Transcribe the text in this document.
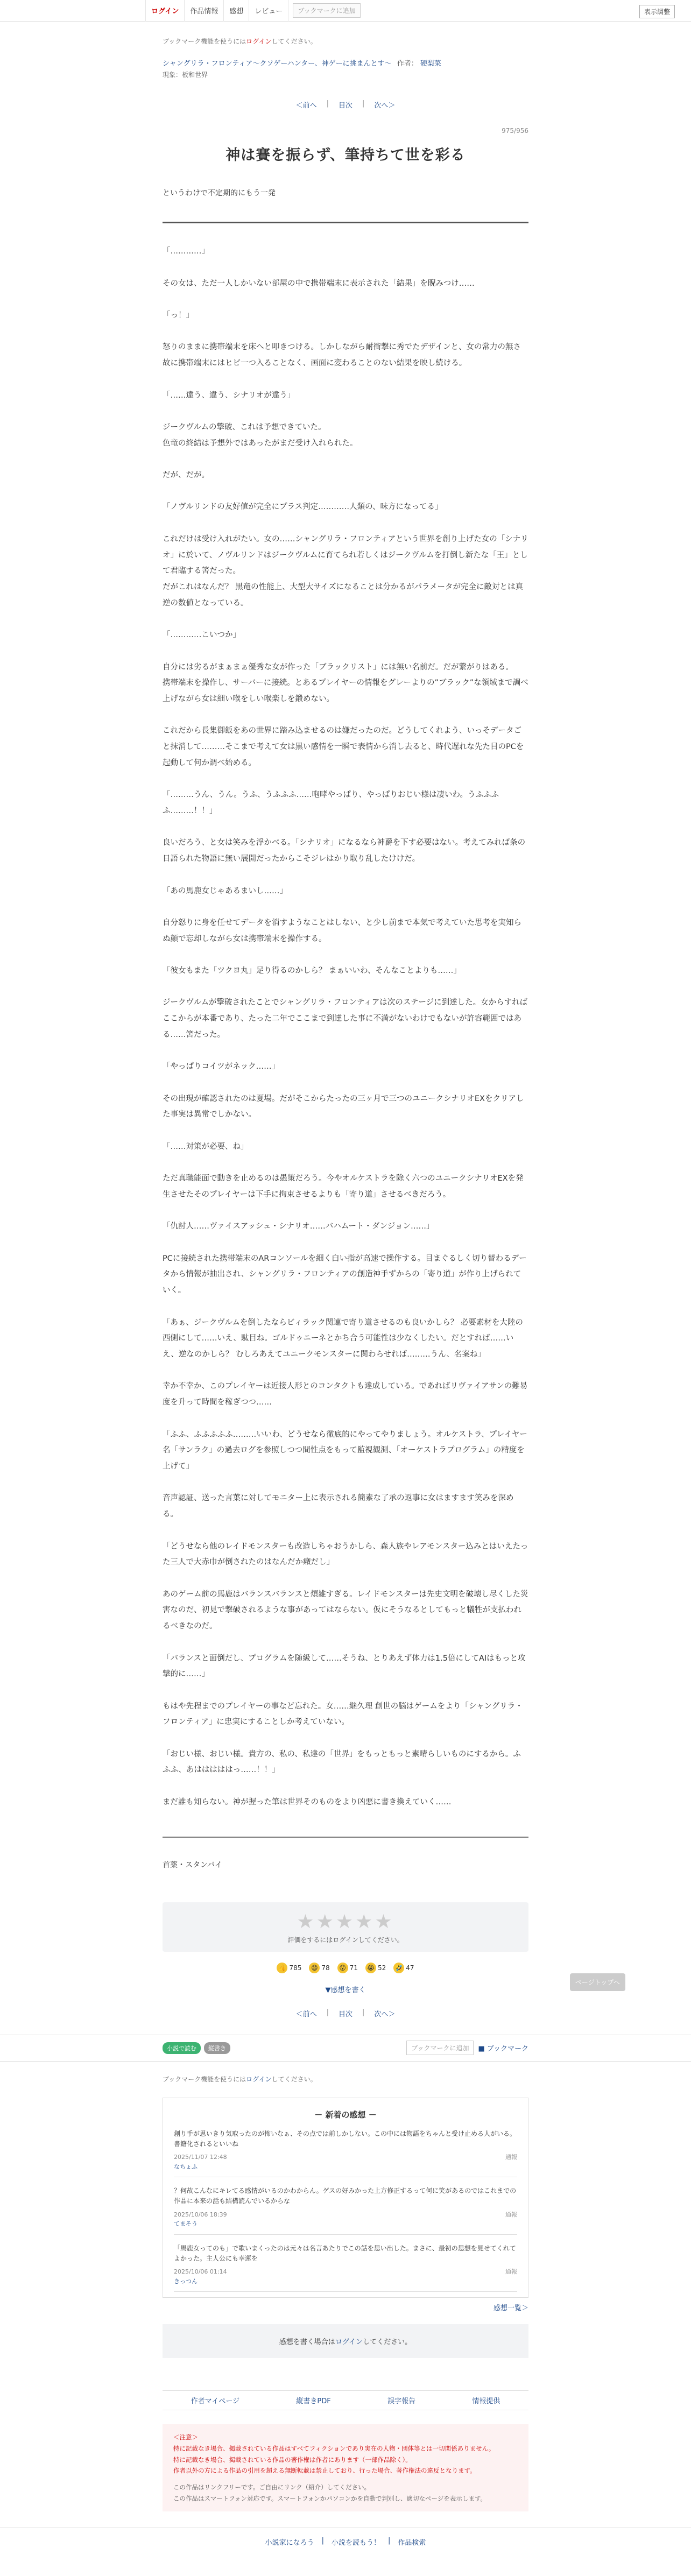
ログイン	作品情報	感想	レビュー	ブックマークに追加	表示調整
ブックマーク機能を使うにはログインしてください。
シャングリラ・フロンティア〜クソゲーハンター、神ゲーに挑まんとす〜 作者： 硬梨菜
現象：板和世界
＜前へ | 目次 | 次へ＞
975/956
神は賽を振らず、筆持ちて世を彩る
というわけで不定期的にもう一発

「…………」

その女は、ただ一人しかいない部屋の中で携帯端末に表示された「結果」を睨みつけ……

「っ！」

怒りのままに携帯端末を床へと叩きつける。しかしながら耐衝撃に秀でたデザインと、女の常力の無さ故に携帯端末にはヒビ一つ入ることなく、画面に変わることのない結果を映し続ける。

「……違う、違う、シナリオが違う」

ジークヴルムの撃破、これは予想できていた。

色竜の終結は予想外ではあったがまだ受け入れられた。

だが、だが。

「ノヴルリンドの友好値が完全にプラス判定…………人類の、味方になってる」

これだけは受け入れがたい。女の……シャングリラ・フロンティアという世界を創り上げた女の「シナリオ」に於いて、ノヴルリンドはジークヴルムに育てられ若しくはジークヴルムを打倒し新たな「王」として君臨する筈だった。

だがこれはなんだ？ 黒竜の性能上、大型大サイズになることは分かるがパラメータが完全に敵対とは真逆の数値となっている。

「…………こいつか」

自分には劣るがまぁまぁ優秀な女が作った「ブラックリスト」には無い名前だ。だが繋がりはある。

携帯端末を操作し、サーバーに接続。とあるプレイヤーの情報をグレーよりの”ブラック”な領域まで調べ上げながら女は細い喉をしい喉楽しを鍛めない。

これだから長集御飯をあの世界に踏み込ませるのは嫌だったのだ。どうしてくれよう、いっそデータごと抹消して………そこまで考えて女は黒い感情を一瞬で表情から消し去ると、時代遅れな先た目のPCを起動して何か調べ始める。

「………うん、うん。うふ、うふふふ……咆哮やっぱり、やっぱりおじい様は凄いわ。うふふふふ………！！」

良いだろう、と女は笑みを浮かべる。「シナリオ」になるなら神爵を下す必要はない。考えてみれば条の日語られた物語に無い展開だったからこそジレはかり取り乱したけけだ。

「あの馬鹿女じゃあるまいし……」

自分怒りに身を任せてデータを消すようなことはしない、と少し前まで本気で考えていた思考を実知らぬ顔で忘却しながら女は携帯端末を操作する。

「彼女もまた「ツクヨ丸」足り得るのかしら？ まぁいいわ、そんなことよりも……」

ジークヴルムが撃破されたことでシャングリラ・フロンティアは次のステージに到達した。女からすればここからが本番であり、たった二年でここまで到達した事に不満がないわけでもないが許容範囲ではある……筈だった。

「やっぱりコイツがネック……」

その出現が確認されたのは夏場。だがそこからたったの三ヶ月で三つのユニークシナリオEXをクリアした事実は異常でしかない。

「……対策が必要、ね」

ただ真職能面で動きを止めるのは愚策だろう。今やオルケストラを除く六つのユニークシナリオEXを発生させたそのプレイヤーは下手に拘束させるよりも「寄り道」させるべきだろう。

「仇討人……ヴァイスアッシュ・シナリオ……バハムート・ダンジョン……」

PCに接続された携帯端末のARコンソールを細く白い指が高速で操作する。目まぐるしく切り替わるデータから情報が抽出され、シャングリラ・フロンティアの創造神手ずからの「寄り道」が作り上げられていく。

「あぁ、ジークヴルムを倒したならビィラック関連で寄り道させるのも良いかしら？ 必要素材を大陸の西側にして……いえ、駄目ね。ゴルドゥニーネとかち合う可能性は少なくしたい。だとすれば……いえ、逆なのかしら？ むしろあえてユニークモンスターに関わらせれば………うん、名案ね」

幸か不幸か、このプレイヤーは近接人形とのコンタクトも達成している。であればリヴァイアサンの難易度を升って時間を稼ぎつつ……

「ふふ、ふふふふふ………いいわ、どうせなら徹底的にやってやりましょう。オルケストラ、プレイヤー名「サンラク」の過去ログを参照しつつ間性点をもって監視観測、「オーケストラプログラム」の精度を上げて」

音声認証、送った言葉に対してモニター上に表示される簡素な了承の返事に女はますます笑みを深める。

「どうせなら他のレイドモンスターも改造しちゃおうかしら、森人族やレアモンスター込みとはいえたった三人で大赤巾が倒されたのはなんだか癪だし」

あのゲーム前の馬鹿はバランスバランスと煩雑すぎる。レイドモンスターは先史文明を破壊し尽くした災害なのだ、初見で撃破されるような事があってはならない。仮にそうなるとしてもっと犠牲が支払われるべきなのだ。

「バランスと面倒だし、プログラムを随級して……そうね、とりあえず体力は1.5倍にしてAIはもっと攻撃的に……」

もはや先程までのプレイヤーの事など忘れた。女……継久理 創世の脳はゲームをより「シャングリラ・フロンティア」に忠実にすることしか考えていない。

「おじい様、おじい様。貴方の、私の、私達の「世界」をもっともっと素晴らしいものにするから。ふふふ、あはははははっ……！！」

まだ誰も知らない。神が握った筆は世界そのものをより凶悪に書き換えていく……

首薬・スタンバイ
★★★★★
評価をするにはログインしてください。
👍 785	😄 78	😮 71 😭 52 🤣 47
ページトップへ
▼感想を書く
＜前へ | 目次 | 次へ＞
小説で読む	縦書き	ブックマークに追加	■ ブックマーク
ブックマーク機能を使うにはログインしてください。
－ 新着の感想 －
創り手が思いきり気取ったのが怖いなぁ、その点では前しかしない。この中には物語をちゃんと受け止める人がいる。書籍化されるといいね
2025/11/07 12:48
なちょふ
通報
？何故こんなにキレてる感情がいるのかわからん。ゲスの好みかった上方修正するって何に笑があるのではこれまでの作品に本来の話も結構読んでいるからな
2025/10/06 18:39
てまそう
通報
「馬鹿女ってのも」で歌いまくったのは元々は名言あたりでこの話を思い出した。まさに、最初の思想を見せてくれてよかった。主人公にも幸運を
2025/10/06 01:14
きっつん
通報
感想一覧＞
感想を書く場合はログインしてください。
作者マイページ	縦書きPDF	誤字報告	情報提供
＜注意＞
特に記載なき場合、掲載されている作品はすべてフィクションであり実在の人物・団体等とは一切関係ありません。
特に記載なき場合、掲載されている作品の著作権は作者にあります（一部作品除く）。
作者以外の方による作品の引用を超える無断転載は禁止しており、行った場合、著作権法の違反となります。
この作品はリンクフリーです。ご自由にリンク（紹介）してください。
この作品はスマートフォン対応です。スマートフォンかパソコンかを自動で判別し、適切なページを表示します。
小説家になろう | 小説を読もう！ | 作品検索
